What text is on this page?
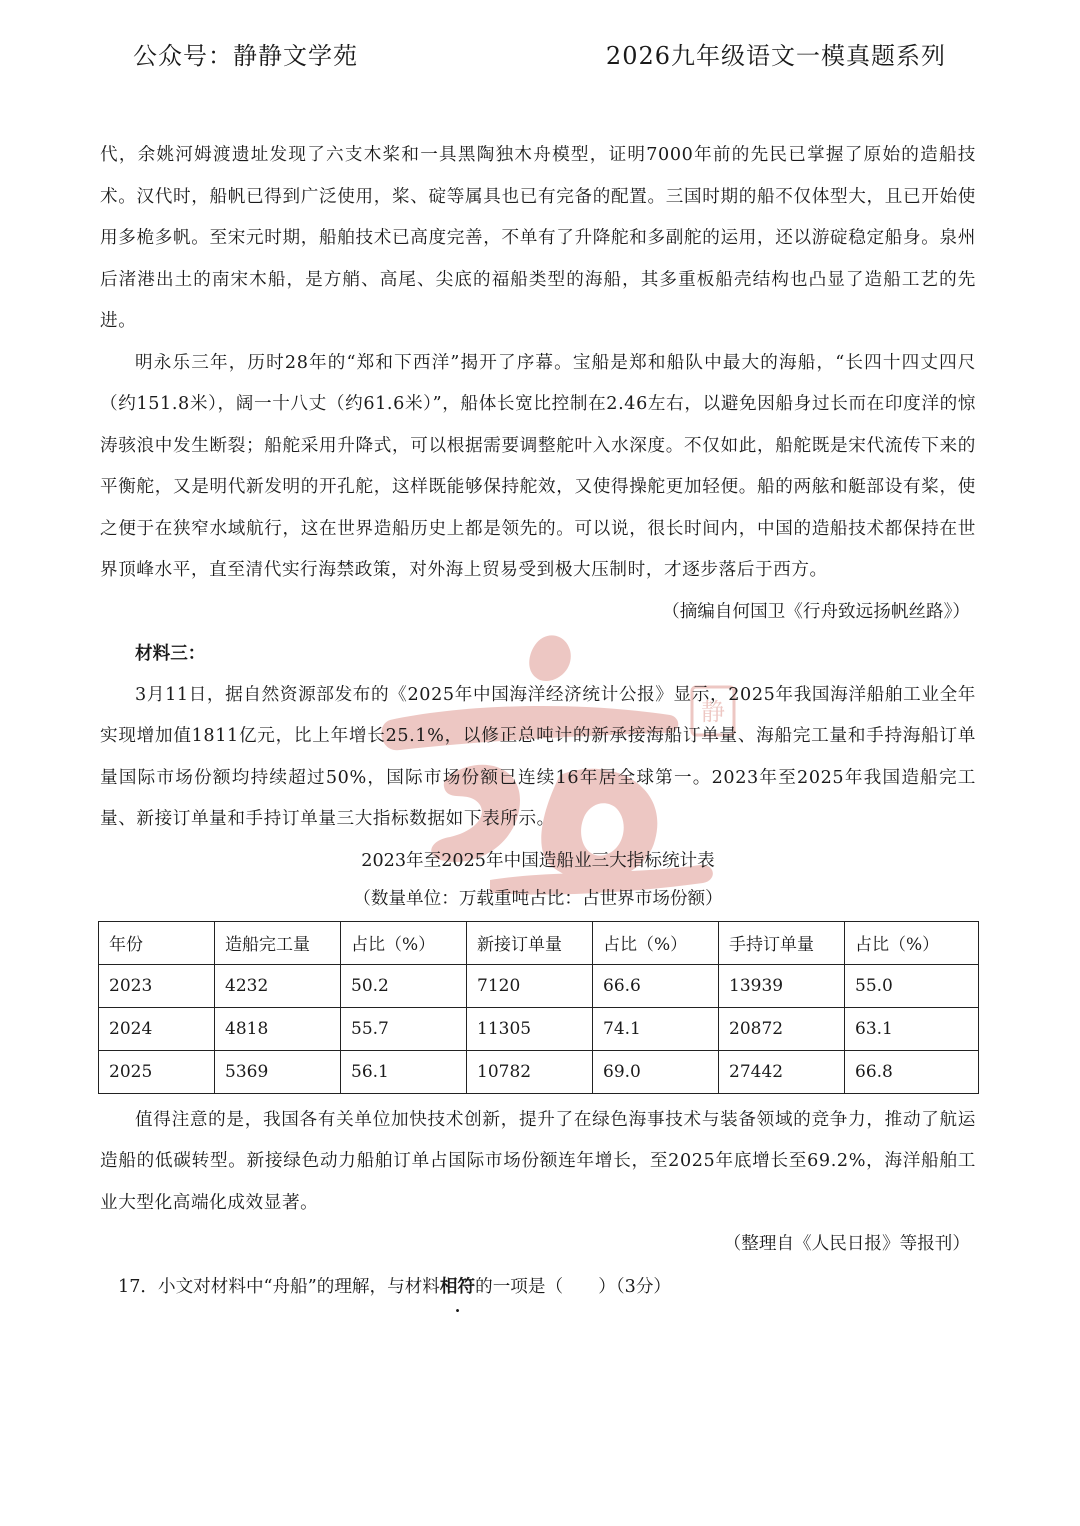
公众号：静静文学苑	2026九年级语文一模真题系列
静

代，余姚河姆渡遗址发现了六支木桨和一具黑陶独木舟模型，证明7000年前的先民已掌握了原始的造船技术。汉代时，船帆已得到广泛使用，桨、碇等属具也已有完备的配置。三国时期的船不仅体型大，且已开始使用多桅多帆。至宋元时期，船舶技术已高度完善，不单有了升降舵和多副舵的运用，还以游碇稳定船身。泉州后渚港出土的南宋木船，是方艄、高尾、尖底的福船类型的海船，其多重板船壳结构也凸显了造船工艺的先进。

明永乐三年，历时28年的“郑和下西洋”揭开了序幕。宝船是郑和船队中最大的海船，“长四十四丈四尺（约151.8米），阔一十八丈（约61.6米）”，船体长宽比控制在2.46左右，以避免因船身过长而在印度洋的惊涛骇浪中发生断裂；船舵采用升降式，可以根据需要调整舵叶入水深度。不仅如此，船舵既是宋代流传下来的平衡舵，又是明代新发明的开孔舵，这样既能够保持舵效，又使得操舵更加轻便。船的两舷和艇部设有桨，使之便于在狭窄水域航行，这在世界造船历史上都是领先的。可以说，很长时间内，中国的造船技术都保持在世界顶峰水平，直至清代实行海禁政策，对外海上贸易受到极大压制时，才逐步落后于西方。

（摘编自何国卫《行舟致远扬帆丝路》）

材料三：

3月11日，据自然资源部发布的《2025年中国海洋经济统计公报》显示，2025年我国海洋船舶工业全年实现增加值1811亿元，比上年增长25.1%，以修正总吨计的新承接海船订单量、海船完工量和手持海船订单量国际市场份额均持续超过50%，国际市场份额已连续16年居全球第一。2023年至2025年我国造船完工量、新接订单量和手持订单量三大指标数据如下表所示。

2023年至2025年中国造船业三大指标统计表

（数量单位：万载重吨占比：占世界市场份额）

年份	造船完工量	占比（%）	新接订单量	占比（%）	手持订单量	占比（%）
2023	4232	50.2	7120	66.6	13939	55.0
2024	4818	55.7	11305	74.1	20872	63.1
2025	5369	56.1	10782	69.0	27442	66.8

值得注意的是，我国各有关单位加快技术创新，提升了在绿色海事技术与装备领域的竞争力，推动了航运造船的低碳转型。新接绿色动力船舶订单占国际市场份额连年增长，至2025年底增长至69.2%，海洋船舶工业大型化高端化成效显著。

（整理自《人民日报》等报刊）

17．小文对材料中“舟船”的理解，与材料相符的一项是（　　）（3分）
